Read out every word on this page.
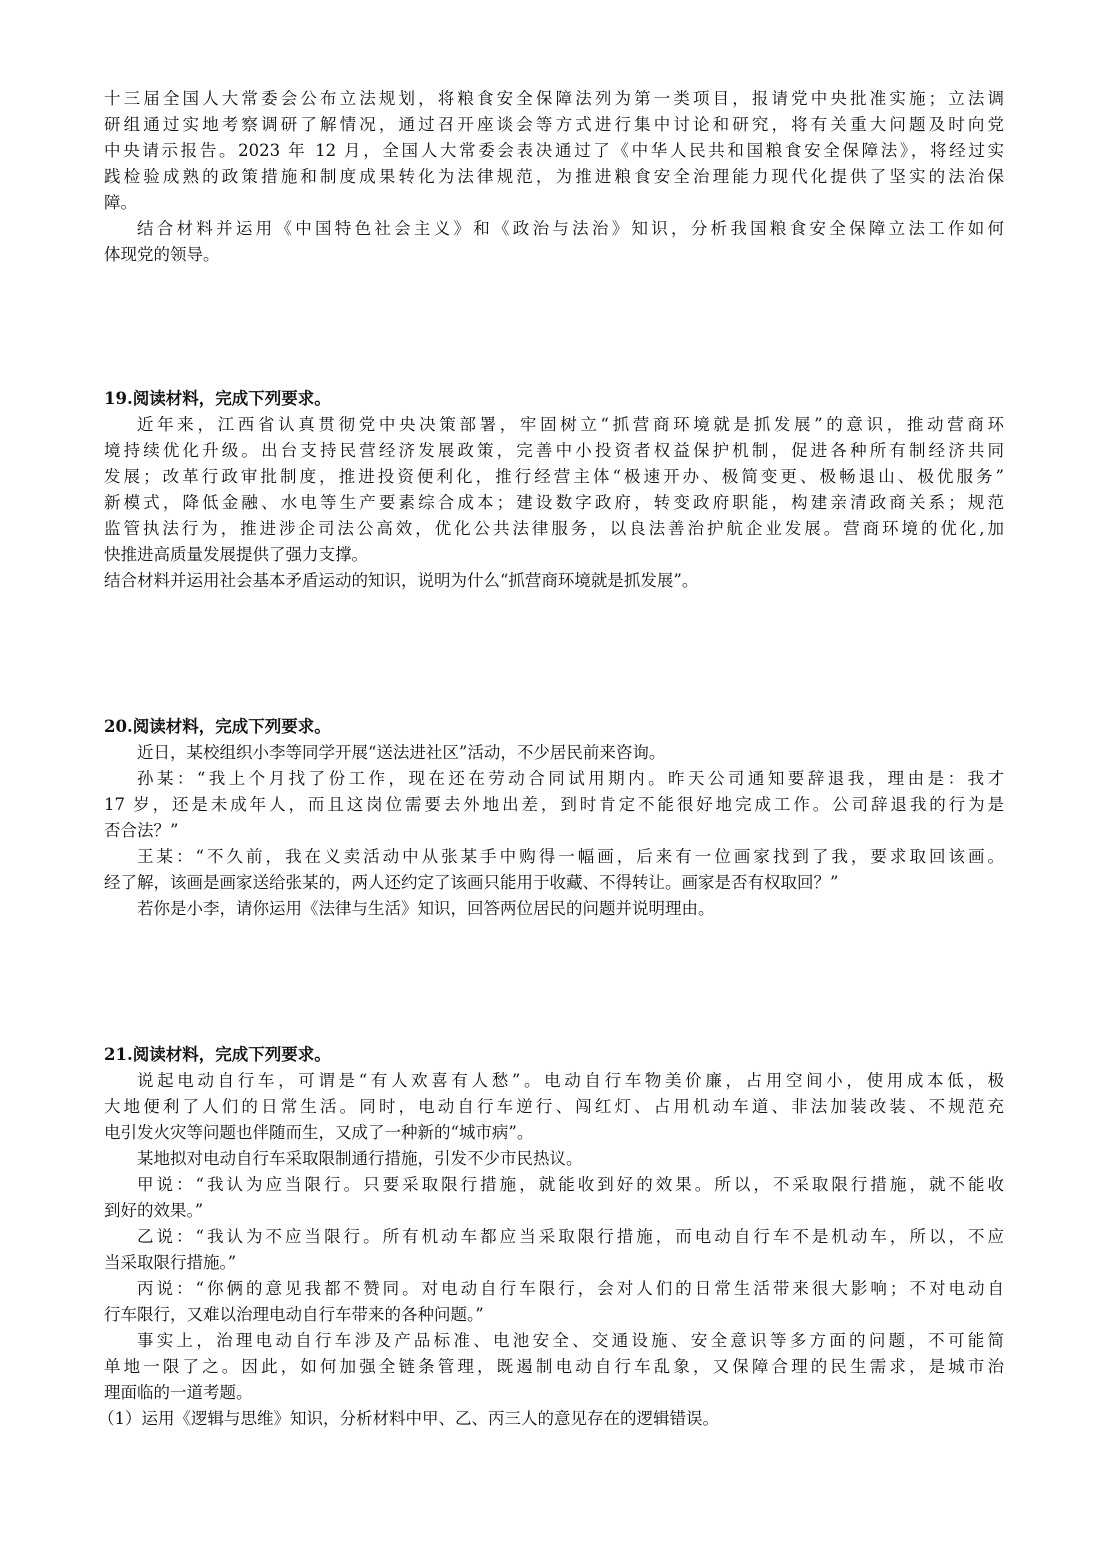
十三届全国人大常委会公布立法规划，将粮食安全保障法列为第一类项目，报请党中央批准实施；立法调
研组通过实地考察调研了解情况，通过召开座谈会等方式进行集中讨论和研究，将有关重大问题及时向党
中央请示报告。2023 年 12 月，全国人大常委会表决通过了《中华人民共和国粮食安全保障法》，将经过实
践检验成熟的政策措施和制度成果转化为法律规范，为推进粮食安全治理能力现代化提供了坚实的法治保
障。
结合材料并运用《中国特色社会主义》和《政治与法治》知识，分析我国粮食安全保障立法工作如何
体现党的领导。
19.阅读材料，完成下列要求。
近年来，江西省认真贯彻党中央决策部署，牢固树立“抓营商环境就是抓发展”的意识，推动营商环
境持续优化升级。出台支持民营经济发展政策，完善中小投资者权益保护机制，促进各种所有制经济共同
发展；改革行政审批制度，推进投资便利化，推行经营主体“极速开办、极简变更、极畅退山、极优服务”
新模式，降低金融、水电等生产要素综合成本；建设数字政府，转变政府职能，构建亲清政商关系；规范
监管执法行为，推进涉企司法公高效，优化公共法律服务，以良法善治护航企业发展。营商环境的优化,加
快推进高质量发展提供了强力支撑。
结合材料并运用社会基本矛盾运动的知识，说明为什么“抓营商环境就是抓发展”。
20.阅读材料，完成下列要求。
近日，某校组织小李等同学开展“送法进社区”活动，不少居民前来咨询。
孙某：“我上个月找了份工作，现在还在劳动合同试用期内。昨天公司通知要辞退我，理由是：我才
17 岁，还是未成年人，而且这岗位需要去外地出差，到时肯定不能很好地完成工作。公司辞退我的行为是
否合法？”
王某：“不久前，我在义卖活动中从张某手中购得一幅画，后来有一位画家找到了我，要求取回该画。
经了解，该画是画家送给张某的，两人还约定了该画只能用于收藏、不得转让。画家是否有权取回？”
若你是小李，请你运用《法律与生活》知识，回答两位居民的问题并说明理由。
21.阅读材料，完成下列要求。
说起电动自行车，可谓是“有人欢喜有人愁”。电动自行车物美价廉，占用空间小，使用成本低，极
大地便利了人们的日常生活。同时，电动自行车逆行、闯红灯、占用机动车道、非法加装改装、不规范充
电引发火灾等问题也伴随而生，又成了一种新的“城市病”。
某地拟对电动自行车采取限制通行措施，引发不少市民热议。
甲说：“我认为应当限行。只要采取限行措施，就能收到好的效果。所以，不采取限行措施，就不能收
到好的效果。”
乙说：“我认为不应当限行。所有机动车都应当采取限行措施，而电动自行车不是机动车，所以，不应
当采取限行措施。”
丙说：“你俩的意见我都不赞同。对电动自行车限行，会对人们的日常生活带来很大影响；不对电动自
行车限行，又难以治理电动自行车带来的各种问题。”
事实上，治理电动自行车涉及产品标准、电池安全、交通设施、安全意识等多方面的问题，不可能简
单地一限了之。因此，如何加强全链条管理，既遏制电动自行车乱象，又保障合理的民生需求，是城市治
理面临的一道考题。
（1）运用《逻辑与思维》知识，分析材料中甲、乙、丙三人的意见存在的逻辑错误。
